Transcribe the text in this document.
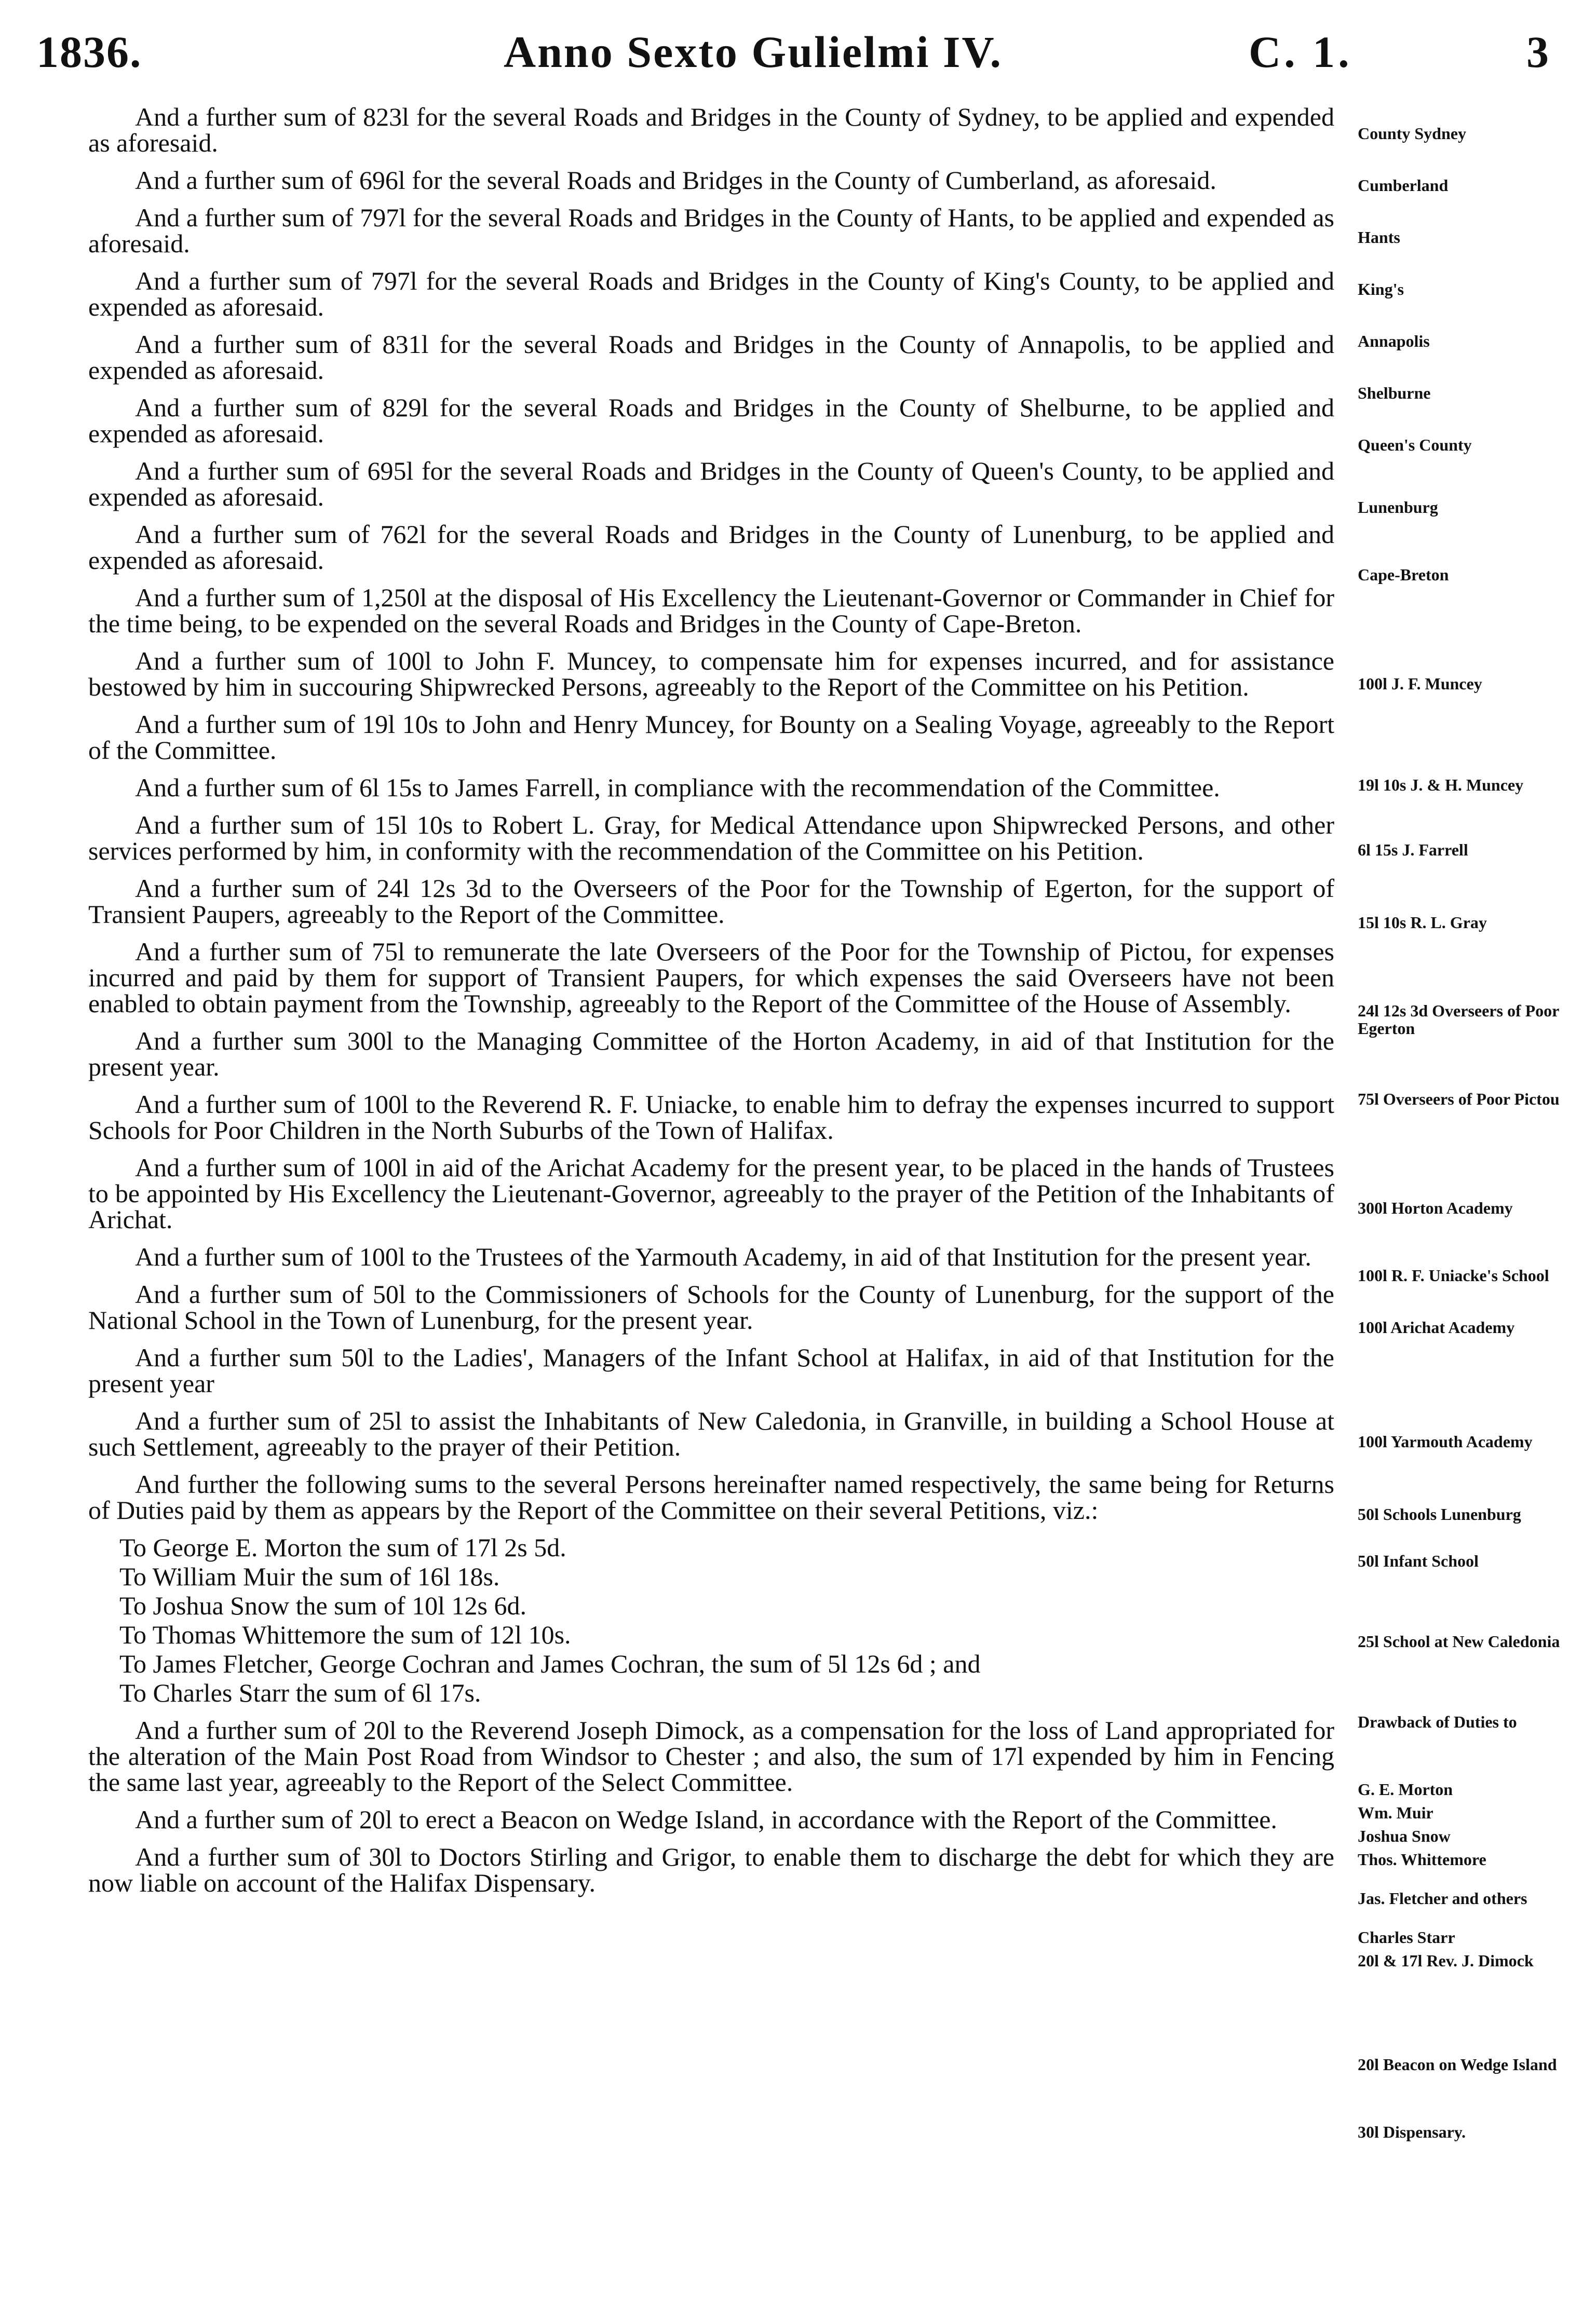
1836.	Anno Sexto Gulielmi IV.	C. 1.	3

And a further sum of 823l for the several Roads and Bridges in the County of Sydney, to be applied and expended as aforesaid.

And a further sum of 696l for the several Roads and Bridges in the County of Cumberland, as aforesaid.

And a further sum of 797l for the several Roads and Bridges in the County of Hants, to be applied and expended as aforesaid.

And a further sum of 797l for the several Roads and Bridges in the County of King's County, to be applied and expended as aforesaid.

And a further sum of 831l for the several Roads and Bridges in the County of Annapolis, to be applied and expended as aforesaid.

And a further sum of 829l for the several Roads and Bridges in the County of Shelburne, to be applied and expended as aforesaid.

And a further sum of 695l for the several Roads and Bridges in the County of Queen's County, to be applied and expended as aforesaid.

And a further sum of 762l for the several Roads and Bridges in the County of Lunenburg, to be applied and expended as aforesaid.

And a further sum of 1,250l at the disposal of His Excellency the Lieutenant-Governor or Commander in Chief for the time being, to be expended on the several Roads and Bridges in the County of Cape-Breton.

And a further sum of 100l to John F. Muncey, to compensate him for expenses incurred, and for assistance bestowed by him in succouring Shipwrecked Persons, agreeably to the Report of the Committee on his Petition.

And a further sum of 19l 10s to John and Henry Muncey, for Bounty on a Sealing Voyage, agreeably to the Report of the Committee.

And a further sum of 6l 15s to James Farrell, in compliance with the recommendation of the Committee.

And a further sum of 15l 10s to Robert L. Gray, for Medical Attendance upon Shipwrecked Persons, and other services performed by him, in conformity with the recommendation of the Committee on his Petition.

And a further sum of 24l 12s 3d to the Overseers of the Poor for the Township of Egerton, for the support of Transient Paupers, agreeably to the Report of the Committee.

And a further sum of 75l to remunerate the late Overseers of the Poor for the Township of Pictou, for expenses incurred and paid by them for support of Transient Paupers, for which expenses the said Overseers have not been enabled to obtain payment from the Township, agreeably to the Report of the Committee of the House of Assembly.

And a further sum 300l to the Managing Committee of the Horton Academy, in aid of that Institution for the present year.

And a further sum of 100l to the Reverend R. F. Uniacke, to enable him to defray the expenses incurred to support Schools for Poor Children in the North Suburbs of the Town of Halifax.

And a further sum of 100l in aid of the Arichat Academy for the present year, to be placed in the hands of Trustees to be appointed by His Excellency the Lieutenant-Governor, agreeably to the prayer of the Petition of the Inhabitants of Arichat.

And a further sum of 100l to the Trustees of the Yarmouth Academy, in aid of that Institution for the present year.

And a further sum of 50l to the Commissioners of Schools for the County of Lunenburg, for the support of the National School in the Town of Lunenburg, for the present year.

And a further sum 50l to the Ladies', Managers of the Infant School at Halifax, in aid of that Institution for the present year

And a further sum of 25l to assist the Inhabitants of New Caledonia, in Granville, in building a School House at such Settlement, agreeably to the prayer of their Petition.

And further the following sums to the several Persons hereinafter named respectively, the same being for Returns of Duties paid by them as appears by the Report of the Committee on their several Petitions, viz.:

To George E. Morton the sum of 17l 2s 5d.

To William Muir the sum of 16l 18s.

To Joshua Snow the sum of 10l 12s 6d.

To Thomas Whittemore the sum of 12l 10s.

To James Fletcher, George Cochran and James Cochran, the sum of 5l 12s 6d ; and

To Charles Starr the sum of 6l 17s.

And a further sum of 20l to the Reverend Joseph Dimock, as a compensation for the loss of Land appropriated for the alteration of the Main Post Road from Windsor to Chester ; and also, the sum of 17l expended by him in Fencing the same last year, agreeably to the Report of the Select Committee.

And a further sum of 20l to erect a Beacon on Wedge Island, in accordance with the Report of the Committee.

And a further sum of 30l to Doctors Stirling and Grigor, to enable them to discharge the debt for which they are now liable on account of the Halifax Dispensary.

County Sydney
Cumberland
Hants
King's
Annapolis
Shelburne
Queen's County
Lunenburg
Cape-Breton
100l J. F. Muncey
19l 10s J. & H. Muncey
6l 15s J. Farrell
15l 10s R. L. Gray
24l 12s 3d Overseers of Poor Egerton
75l Overseers of Poor Pictou
300l Horton Academy
100l R. F. Uniacke's School
100l Arichat Academy
100l Yarmouth Academy
50l Schools Lunenburg
50l Infant School
25l School at New Caledonia
Drawback of Duties to
G. E. Morton
Wm. Muir
Joshua Snow
Thos. Whittemore
Jas. Fletcher and others
Charles Starr
20l & 17l Rev. J. Dimock
20l Beacon on Wedge Island
30l Dispensary.
